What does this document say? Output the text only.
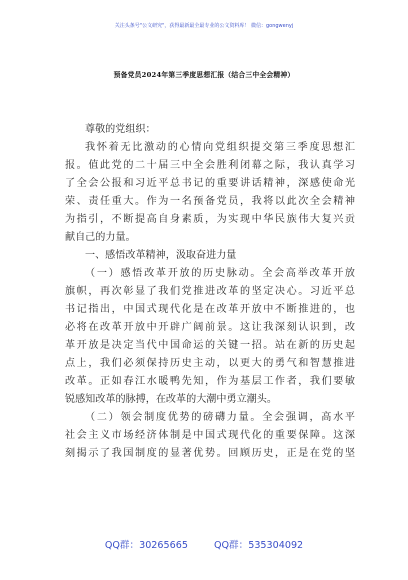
关注头条号"公文研究"，获得最新最全最专业的公文资料库！ 微信：gongwenyj
预备党员2024年第三季度思想汇报（结合三中全会精神）
尊敬的党组织：
我怀着无比激动的心情向党组织提交第三季度思想汇
报。值此党的二十届三中全会胜利闭幕之际，我认真学习
了全会公报和习近平总书记的重要讲话精神，深感使命光
荣、责任重大。作为一名预备党员，我将以此次全会精神
为指引，不断提高自身素质，为实现中华民族伟大复兴贡
献自己的力量。
一、感悟改革精神，汲取奋进力量
（一）感悟改革开放的历史脉动。全会高举改革开放
旗帜，再次彰显了我们党推进改革的坚定决心。习近平总
书记指出，中国式现代化是在改革开放中不断推进的，也
必将在改革开放中开辟广阔前景。这让我深刻认识到，改
革开放是决定当代中国命运的关键一招。站在新的历史起
点上，我们必须保持历史主动，以更大的勇气和智慧推进
改革。正如春江水暖鸭先知，作为基层工作者，我们要敏
锐感知改革的脉搏，在改革的大潮中勇立潮头。
（二）领会制度优势的磅礴力量。全会强调，高水平
社会主义市场经济体制是中国式现代化的重要保障。这深
刻揭示了我国制度的显著优势。回顾历史，正是在党的坚
QQ群：30265665	QQ群：535304092
